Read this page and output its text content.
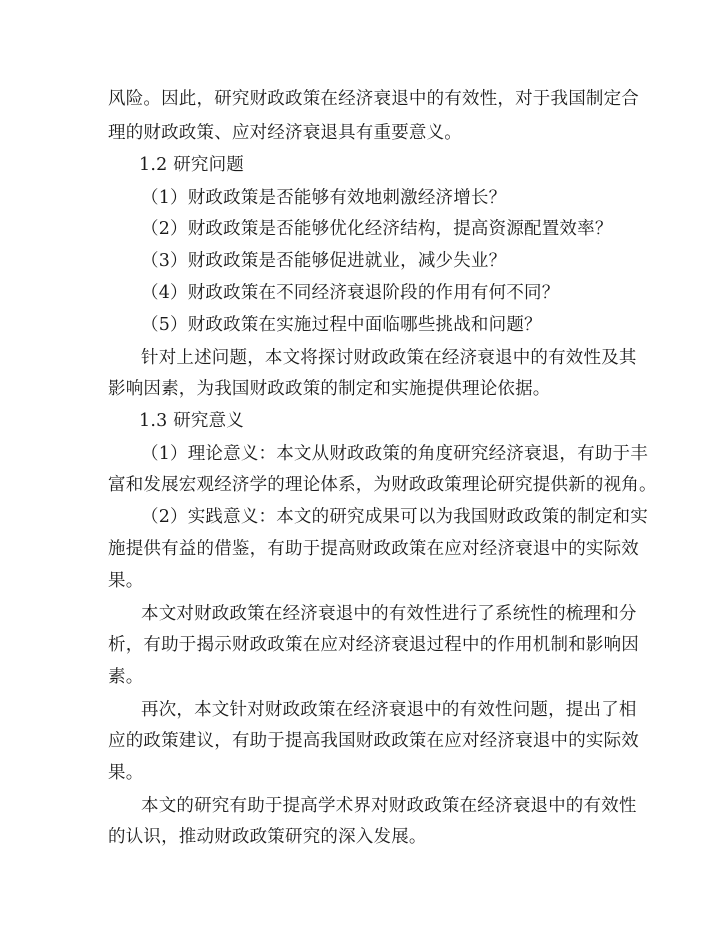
风险。因此，研究财政政策在经济衰退中的有效性，对于我国制定合
理的财政政策、应对经济衰退具有重要意义。
1.2 研究问题
（1）财政政策是否能够有效地刺激经济增长？
（2）财政政策是否能够优化经济结构，提高资源配置效率？
（3）财政政策是否能够促进就业，减少失业？
（4）财政政策在不同经济衰退阶段的作用有何不同？
（5）财政政策在实施过程中面临哪些挑战和问题？
针对上述问题，本文将探讨财政政策在经济衰退中的有效性及其
影响因素，为我国财政政策的制定和实施提供理论依据。
1.3 研究意义
（1）理论意义：本文从财政政策的角度研究经济衰退，有助于丰
富和发展宏观经济学的理论体系，为财政政策理论研究提供新的视角。
（2）实践意义：本文的研究成果可以为我国财政政策的制定和实
施提供有益的借鉴，有助于提高财政政策在应对经济衰退中的实际效
果。
本文对财政政策在经济衰退中的有效性进行了系统性的梳理和分
析，有助于揭示财政政策在应对经济衰退过程中的作用机制和影响因
素。
再次，本文针对财政政策在经济衰退中的有效性问题，提出了相
应的政策建议，有助于提高我国财政政策在应对经济衰退中的实际效
果。
本文的研究有助于提高学术界对财政政策在经济衰退中的有效性
的认识，推动财政政策研究的深入发展。
